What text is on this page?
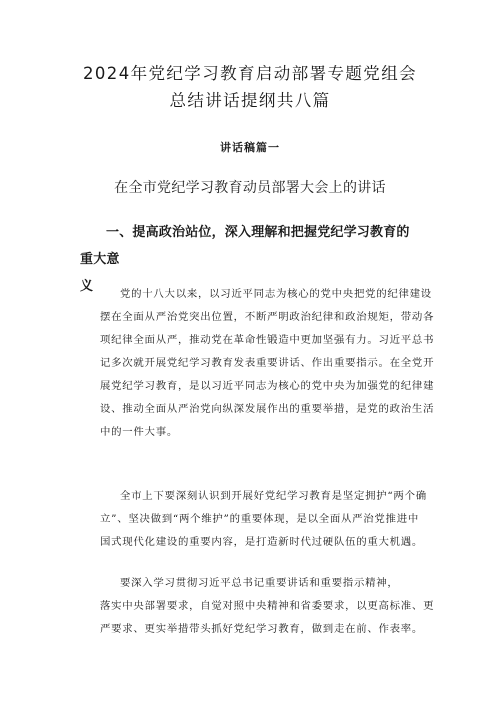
2024年党纪学习教育启动部署专题党组会
总结讲话提纲共八篇
讲话稿篇一
在全市党纪学习教育动员部署大会上的讲话
一、提高政治站位，深入理解和把握党纪学习教育的重大意
义	党的十八大以来，以习近平同志为核心的党中央把党的纪律建设
摆在全面从严治党突出位置，不断严明政治纪律和政治规矩，带动各
项纪律全面从严，推动党在革命性锻造中更加坚强有力。习近平总书
记多次就开展党纪学习教育发表重要讲话、作出重要指示。在全党开
展党纪学习教育，是以习近平同志为核心的党中央为加强党的纪律建
设、推动全面从严治党向纵深发展作出的重要举措，是党的政治生活
中的一件大事。
全市上下要深刻认识到开展好党纪学习教育是坚定拥护“两个确
立”、坚决做到“两个维护”的重要体现，是以全面从严治党推进中
国式现代化建设的重要内容，是打造新时代过硬队伍的重大机遇。
要深入学习贯彻习近平总书记重要讲话和重要指示精神，
落实中央部署要求，自觉对照中央精神和省委要求，以更高标准、更
严要求、更实举措带头抓好党纪学习教育，做到走在前、作表率。
